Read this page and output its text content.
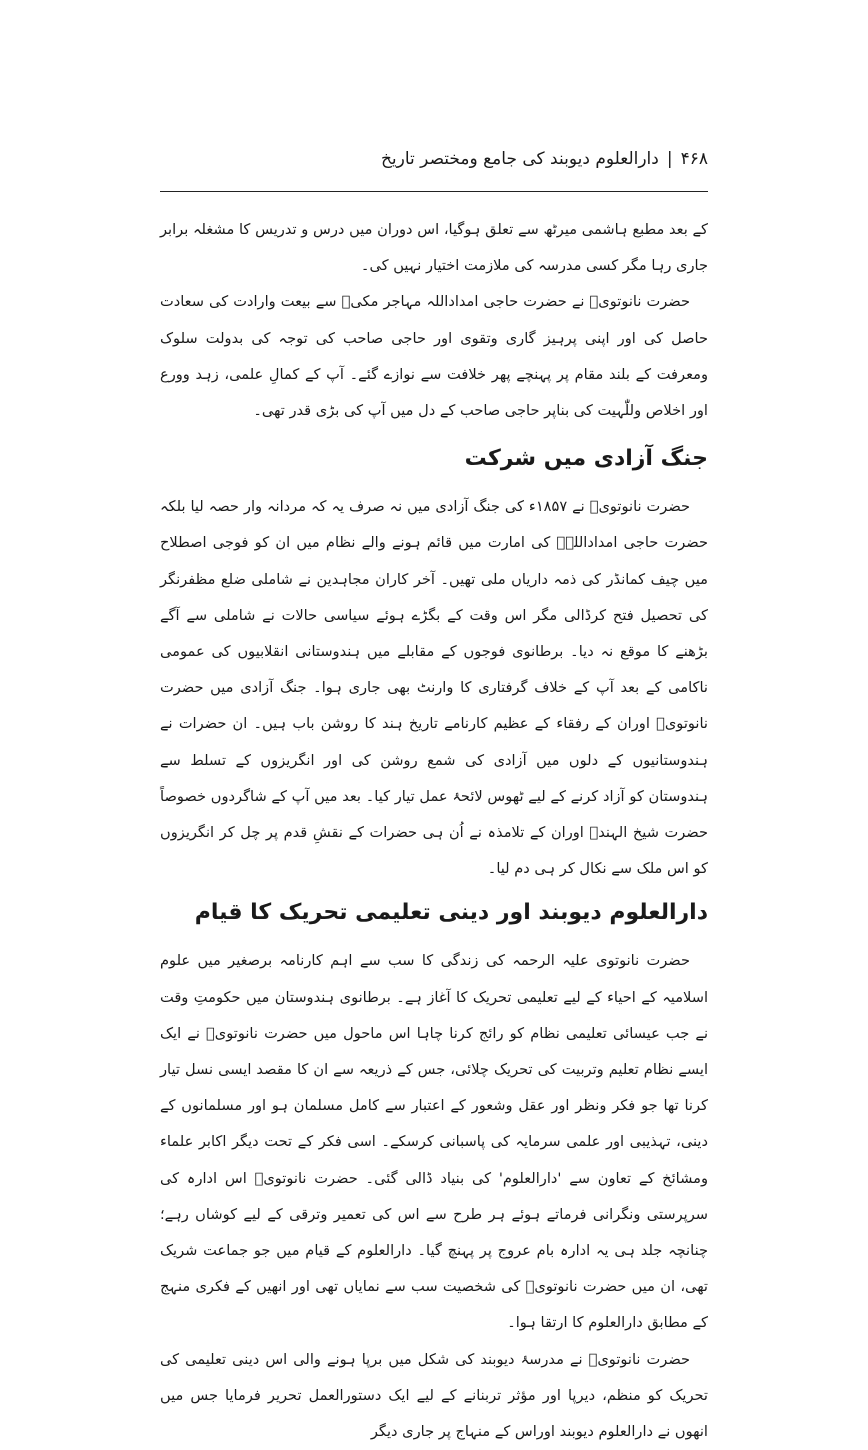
۴۶۸|دارالعلوم دیوبند کی جامع ومختصر تاریخ

کے بعد مطبع ہاشمی میرٹھ سے تعلق ہوگیا، اس دوران میں درس و تدریس کا مشغلہ برابر جاری رہا مگر کسی مدرسہ کی ملازمت اختیار نہیں کی۔

حضرت نانوتویؒ نے حضرت حاجی امداداللہ مہاجر مکیؒ سے بیعت وارادت کی سعادت حاصل کی اور اپنی پرہیز گاری وتقوی اور حاجی صاحب کی توجہ کی بدولت سلوک ومعرفت کے بلند مقام پر پہنچے پھر خلافت سے نوازے گئے۔ آپ کے کمالِ علمی، زہد وورع اور اخلاص وللّٰہیت کی بناپر حاجی صاحب کے دل میں آپ کی بڑی قدر تھی۔

جنگ آزادی میں شرکت

حضرت نانوتویؒ نے ۱۸۵۷ء کی جنگ آزادی میں نہ صرف یہ کہ مردانہ وار حصہ لیا بلکہ حضرت حاجی امداداللہؒ کی امارت میں قائم ہونے والے نظام میں ان کو فوجی اصطلاح میں چیف کمانڈر کی ذمہ داریاں ملی تھیں۔ آخر کاران مجاہدین نے شاملی ضلع مظفرنگر کی تحصیل فتح کرڈالی مگر اس وقت کے بگڑے ہوئے سیاسی حالات نے شاملی سے آگے بڑھنے کا موقع نہ دیا۔ برطانوی فوجوں کے مقابلے میں ہندوستانی انقلابیوں کی عمومی ناکامی کے بعد آپ کے خلاف گرفتاری کا وارنٹ بھی جاری ہوا۔ جنگ آزادی میں حضرت نانوتویؒ اوران کے رفقاء کے عظیم کارنامے تاریخ ہند کا روشن باب ہیں۔ ان حضرات نے ہندوستانیوں کے دلوں میں آزادی کی شمع روشن کی اور انگریزوں کے تسلط سے ہندوستان کو آزاد کرنے کے لیے ٹھوس لائحۂ عمل تیار کیا۔ بعد میں آپ کے شاگردوں خصوصاً حضرت شیخ الہندؒ اوران کے تلامذہ نے اُن ہی حضرات کے نقشِ قدم پر چل کر انگریزوں کو اس ملک سے نکال کر ہی دم لیا۔

دارالعلوم دیوبند اور دینی تعلیمی تحریک کا قیام

حضرت نانوتوی علیہ الرحمہ کی زندگی کا سب سے اہم کارنامہ برصغیر میں علوم اسلامیہ کے احیاء کے لیے تعلیمی تحریک کا آغاز ہے۔ برطانوی ہندوستان میں حکومتِ وقت نے جب عیسائی تعلیمی نظام کو رائج کرنا چاہا اس ماحول میں حضرت نانوتویؒ نے ایک ایسے نظام تعلیم وتربیت کی تحریک چلائی، جس کے ذریعہ سے ان کا مقصد ایسی نسل تیار کرنا تھا جو فکر ونظر اور عقل وشعور کے اعتبار سے کامل مسلمان ہو اور مسلمانوں کے دینی، تہذیبی اور علمی سرمایہ کی پاسبانی کرسکے۔ اسی فکر کے تحت دیگر اکابر علماء ومشائخ کے تعاون سے 'دارالعلوم' کی بنیاد ڈالی گئی۔ حضرت نانوتویؒ اس ادارہ کی سرپرستی ونگرانی فرماتے ہوئے ہر طرح سے اس کی تعمیر وترقی کے لیے کوشاں رہے؛ چنانچہ جلد ہی یہ ادارہ بام عروج پر پہنچ گیا۔ دارالعلوم کے قیام میں جو جماعت شریک تھی، ان میں حضرت نانوتویؒ کی شخصیت سب سے نمایاں تھی اور انھیں کے فکری منہج کے مطابق دارالعلوم کا ارتقا ہوا۔

حضرت نانوتویؒ نے مدرسۂ دیوبند کی شکل میں برپا ہونے والی اس دینی تعلیمی کی تحریک کو منظم، دیرپا اور مؤثر تربنانے کے لیے ایک دستورالعمل تحریر فرمایا جس میں انھوں نے دارالعلوم دیوبند اوراس کے منہاج پر جاری دیگر
